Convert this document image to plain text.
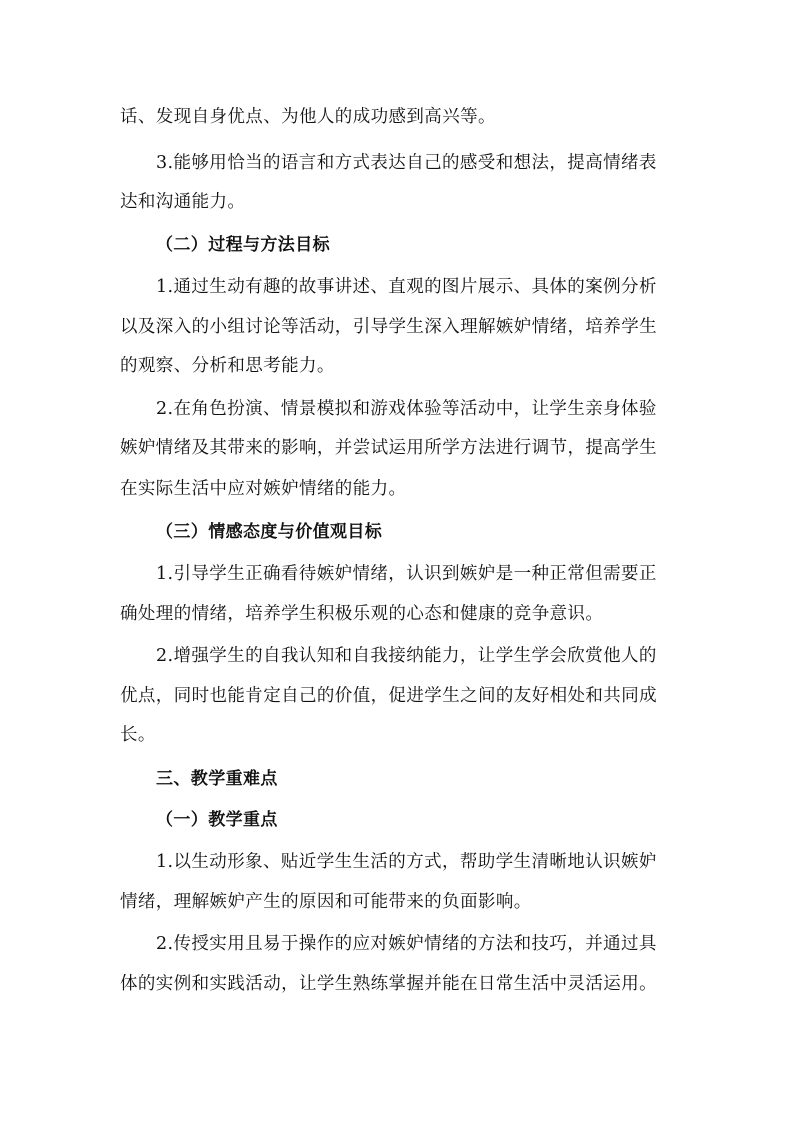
话、发现自身优点、为他人的成功感到高兴等。
3.能够用恰当的语言和方式表达自己的感受和想法，提高情绪表
达和沟通能力。
（二）过程与方法目标
1.通过生动有趣的故事讲述、直观的图片展示、具体的案例分析
以及深入的小组讨论等活动，引导学生深入理解嫉妒情绪，培养学生
的观察、分析和思考能力。
2.在角色扮演、情景模拟和游戏体验等活动中，让学生亲身体验
嫉妒情绪及其带来的影响，并尝试运用所学方法进行调节，提高学生
在实际生活中应对嫉妒情绪的能力。
（三）情感态度与价值观目标
1.引导学生正确看待嫉妒情绪，认识到嫉妒是一种正常但需要正
确处理的情绪，培养学生积极乐观的心态和健康的竞争意识。
2.增强学生的自我认知和自我接纳能力，让学生学会欣赏他人的
优点，同时也能肯定自己的价值，促进学生之间的友好相处和共同成
长。
三、教学重难点
（一）教学重点
1.以生动形象、贴近学生生活的方式，帮助学生清晰地认识嫉妒
情绪，理解嫉妒产生的原因和可能带来的负面影响。
2.传授实用且易于操作的应对嫉妒情绪的方法和技巧，并通过具
体的实例和实践活动，让学生熟练掌握并能在日常生活中灵活运用。
